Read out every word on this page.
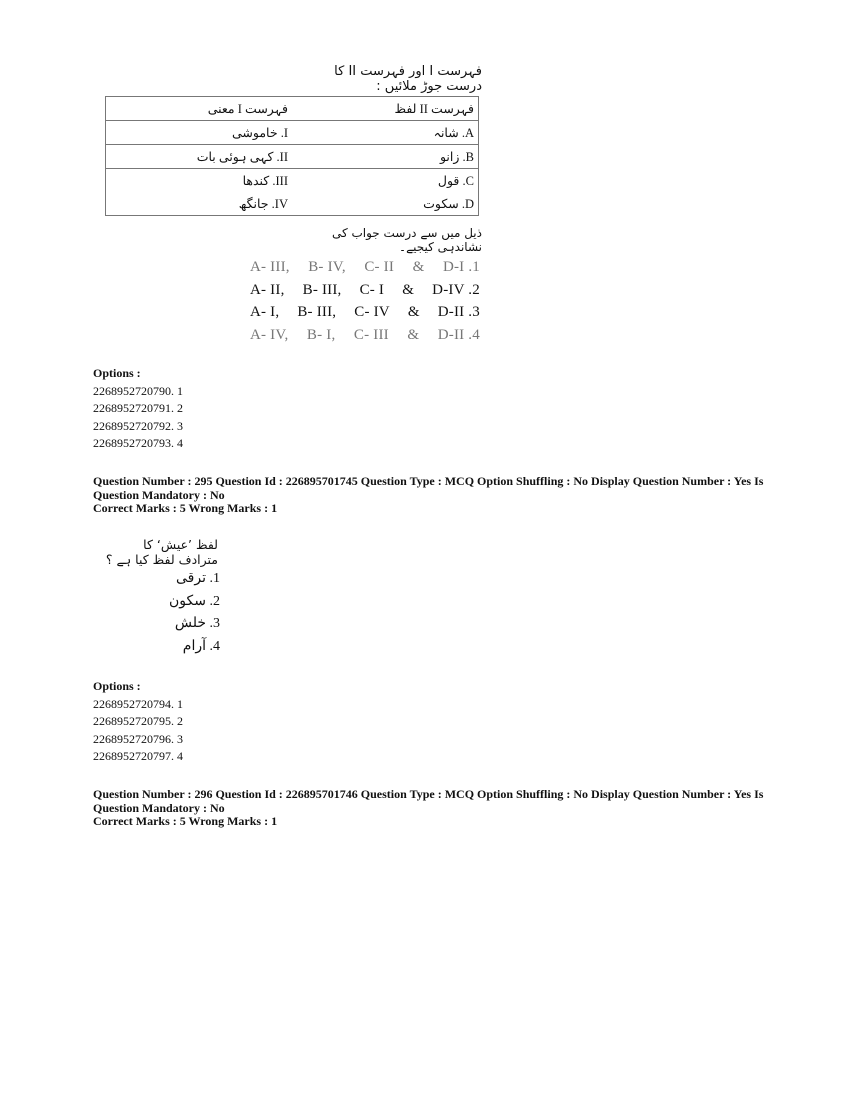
فہرست I اور فہرست II کا درست جوڑ ملائیں :
فہرست I معنی	فہرست II لفظ
I. خاموشی	A. شانہ
II. کہی ہوئی بات	B. زانو
III. کندھا	C. قول
IV. جانگھ	D. سکوت
ذیل میں سے درست جواب کی نشاندہی کیجیے۔
A- III, B- IV, C- II & D-I .1
A- II, B- III, C- I & D-IV .2
A- I, B- III, C- IV & D-II .3
A- IV, B- I, C- III & D-II .4
Options :
2268952720790. 1
2268952720791. 2
2268952720792. 3
2268952720793. 4
Question Number : 295 Question Id : 226895701745 Question Type : MCQ Option Shuffling : No Display Question Number : Yes Is
Question Mandatory : No
Correct Marks : 5 Wrong Marks : 1
لفظ ’عیش‘ کا مترادف لفظ کیا ہے ؟
1. ترقی
2. سکون
3. خلش
4. آرام
Options :
2268952720794. 1
2268952720795. 2
2268952720796. 3
2268952720797. 4
Question Number : 296 Question Id : 226895701746 Question Type : MCQ Option Shuffling : No Display Question Number : Yes Is
Question Mandatory : No
Correct Marks : 5 Wrong Marks : 1
